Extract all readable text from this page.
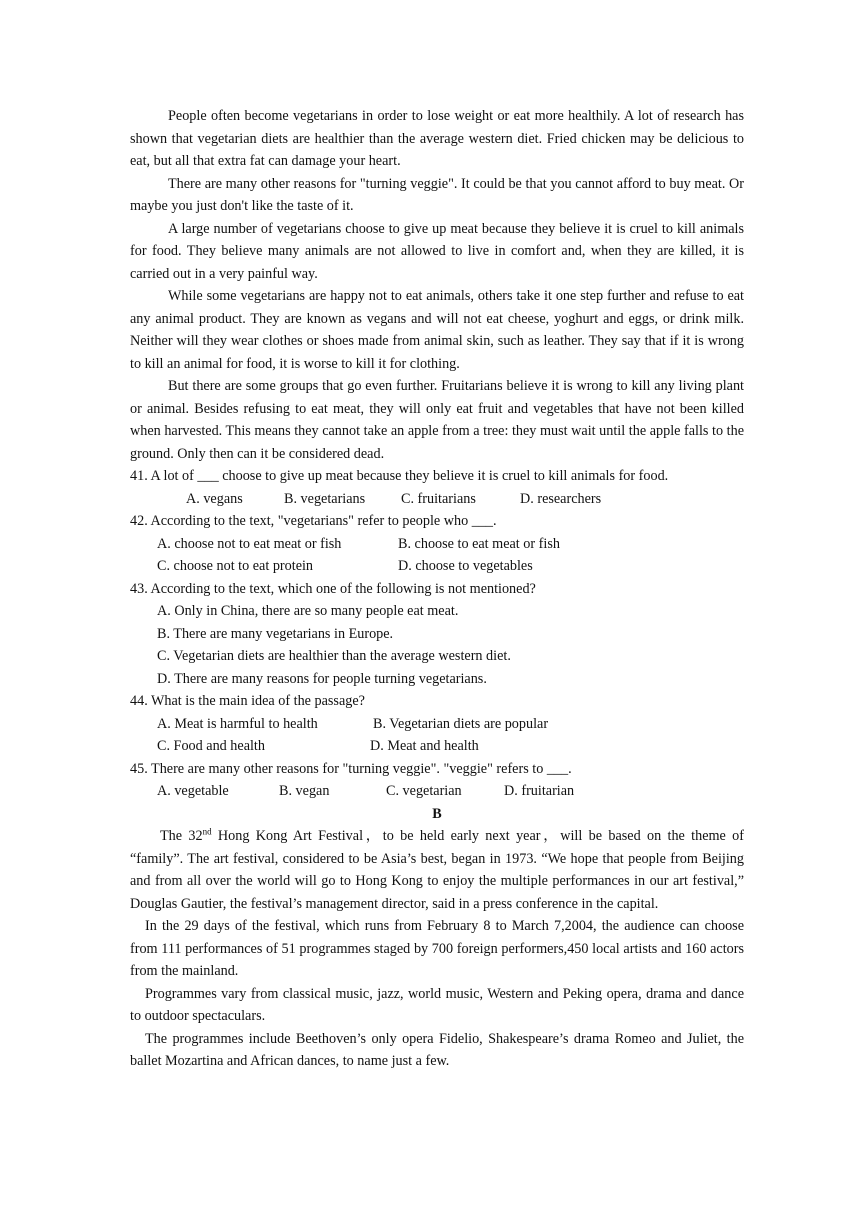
People often become vegetarians in order to lose weight or eat more healthily. A lot of research has shown that vegetarian diets are healthier than the average western diet. Fried chicken may be delicious to eat, but all that extra fat can damage your heart.

There are many other reasons for "turning veggie". It could be that you cannot afford to buy meat. Or maybe you just don't like the taste of it.

A large number of vegetarians choose to give up meat because they believe it is cruel to kill animals for food. They believe many animals are not allowed to live in comfort and, when they are killed, it is carried out in a very painful way.

While some vegetarians are happy not to eat animals, others take it one step further and refuse to eat any animal product. They are known as vegans and will not eat cheese, yoghurt and eggs, or drink milk. Neither will they wear clothes or shoes made from animal skin, such as leather. They say that if it is wrong to kill an animal for food, it is worse to kill it for clothing.

But there are some groups that go even further. Fruitarians believe it is wrong to kill any living plant or animal. Besides refusing to eat meat, they will only eat fruit and vegetables that have not been killed when harvested. This means they cannot take an apple from a tree: they must wait until the apple falls to the ground. Only then can it be considered dead.

41. A lot of ___ choose to give up meat because they believe it is cruel to kill animals for food.

A. vegans	B. vegetarians	C. fruitarians	D. researchers

42. According to the text, "vegetarians" refer to people who ___.

A. choose not to eat meat or fish	B. choose to eat meat or fish

C. choose not to eat protein	D. choose to vegetables

43. According to the text, which one of the following is not mentioned?

A. Only in China, there are so many people eat meat.

B. There are many vegetarians in Europe.

C. Vegetarian diets are healthier than the average western diet.

D. There are many reasons for people turning vegetarians.

44. What is the main idea of the passage?

A. Meat is harmful to health	B. Vegetarian diets are popular

C. Food and health	D. Meat and health

45. There are many other reasons for "turning veggie". "veggie" refers to ___.

A. vegetable	B. vegan	C. vegetarian	D. fruitarian

B

The 32nd Hong Kong Art Festival，to be held early next year，will be based on the theme of “family”. The art festival, considered to be Asia’s best, began in 1973. “We hope that people from Beijing and from all over the world will go to Hong Kong to enjoy the multiple performances in our art festival,” Douglas Gautier, the festival’s management director, said in a press conference in the capital.

In the 29 days of the festival, which runs from February 8 to March 7,2004, the audience can choose from 111 performances of 51 programmes staged by 700 foreign performers,450 local artists and 160 actors from the mainland.

Programmes vary from classical music, jazz, world music, Western and Peking opera, drama and dance to outdoor spectaculars.

The programmes include Beethoven’s only opera Fidelio, Shakespeare’s drama Romeo and Juliet, the ballet Mozartina and African dances, to name just a few.
